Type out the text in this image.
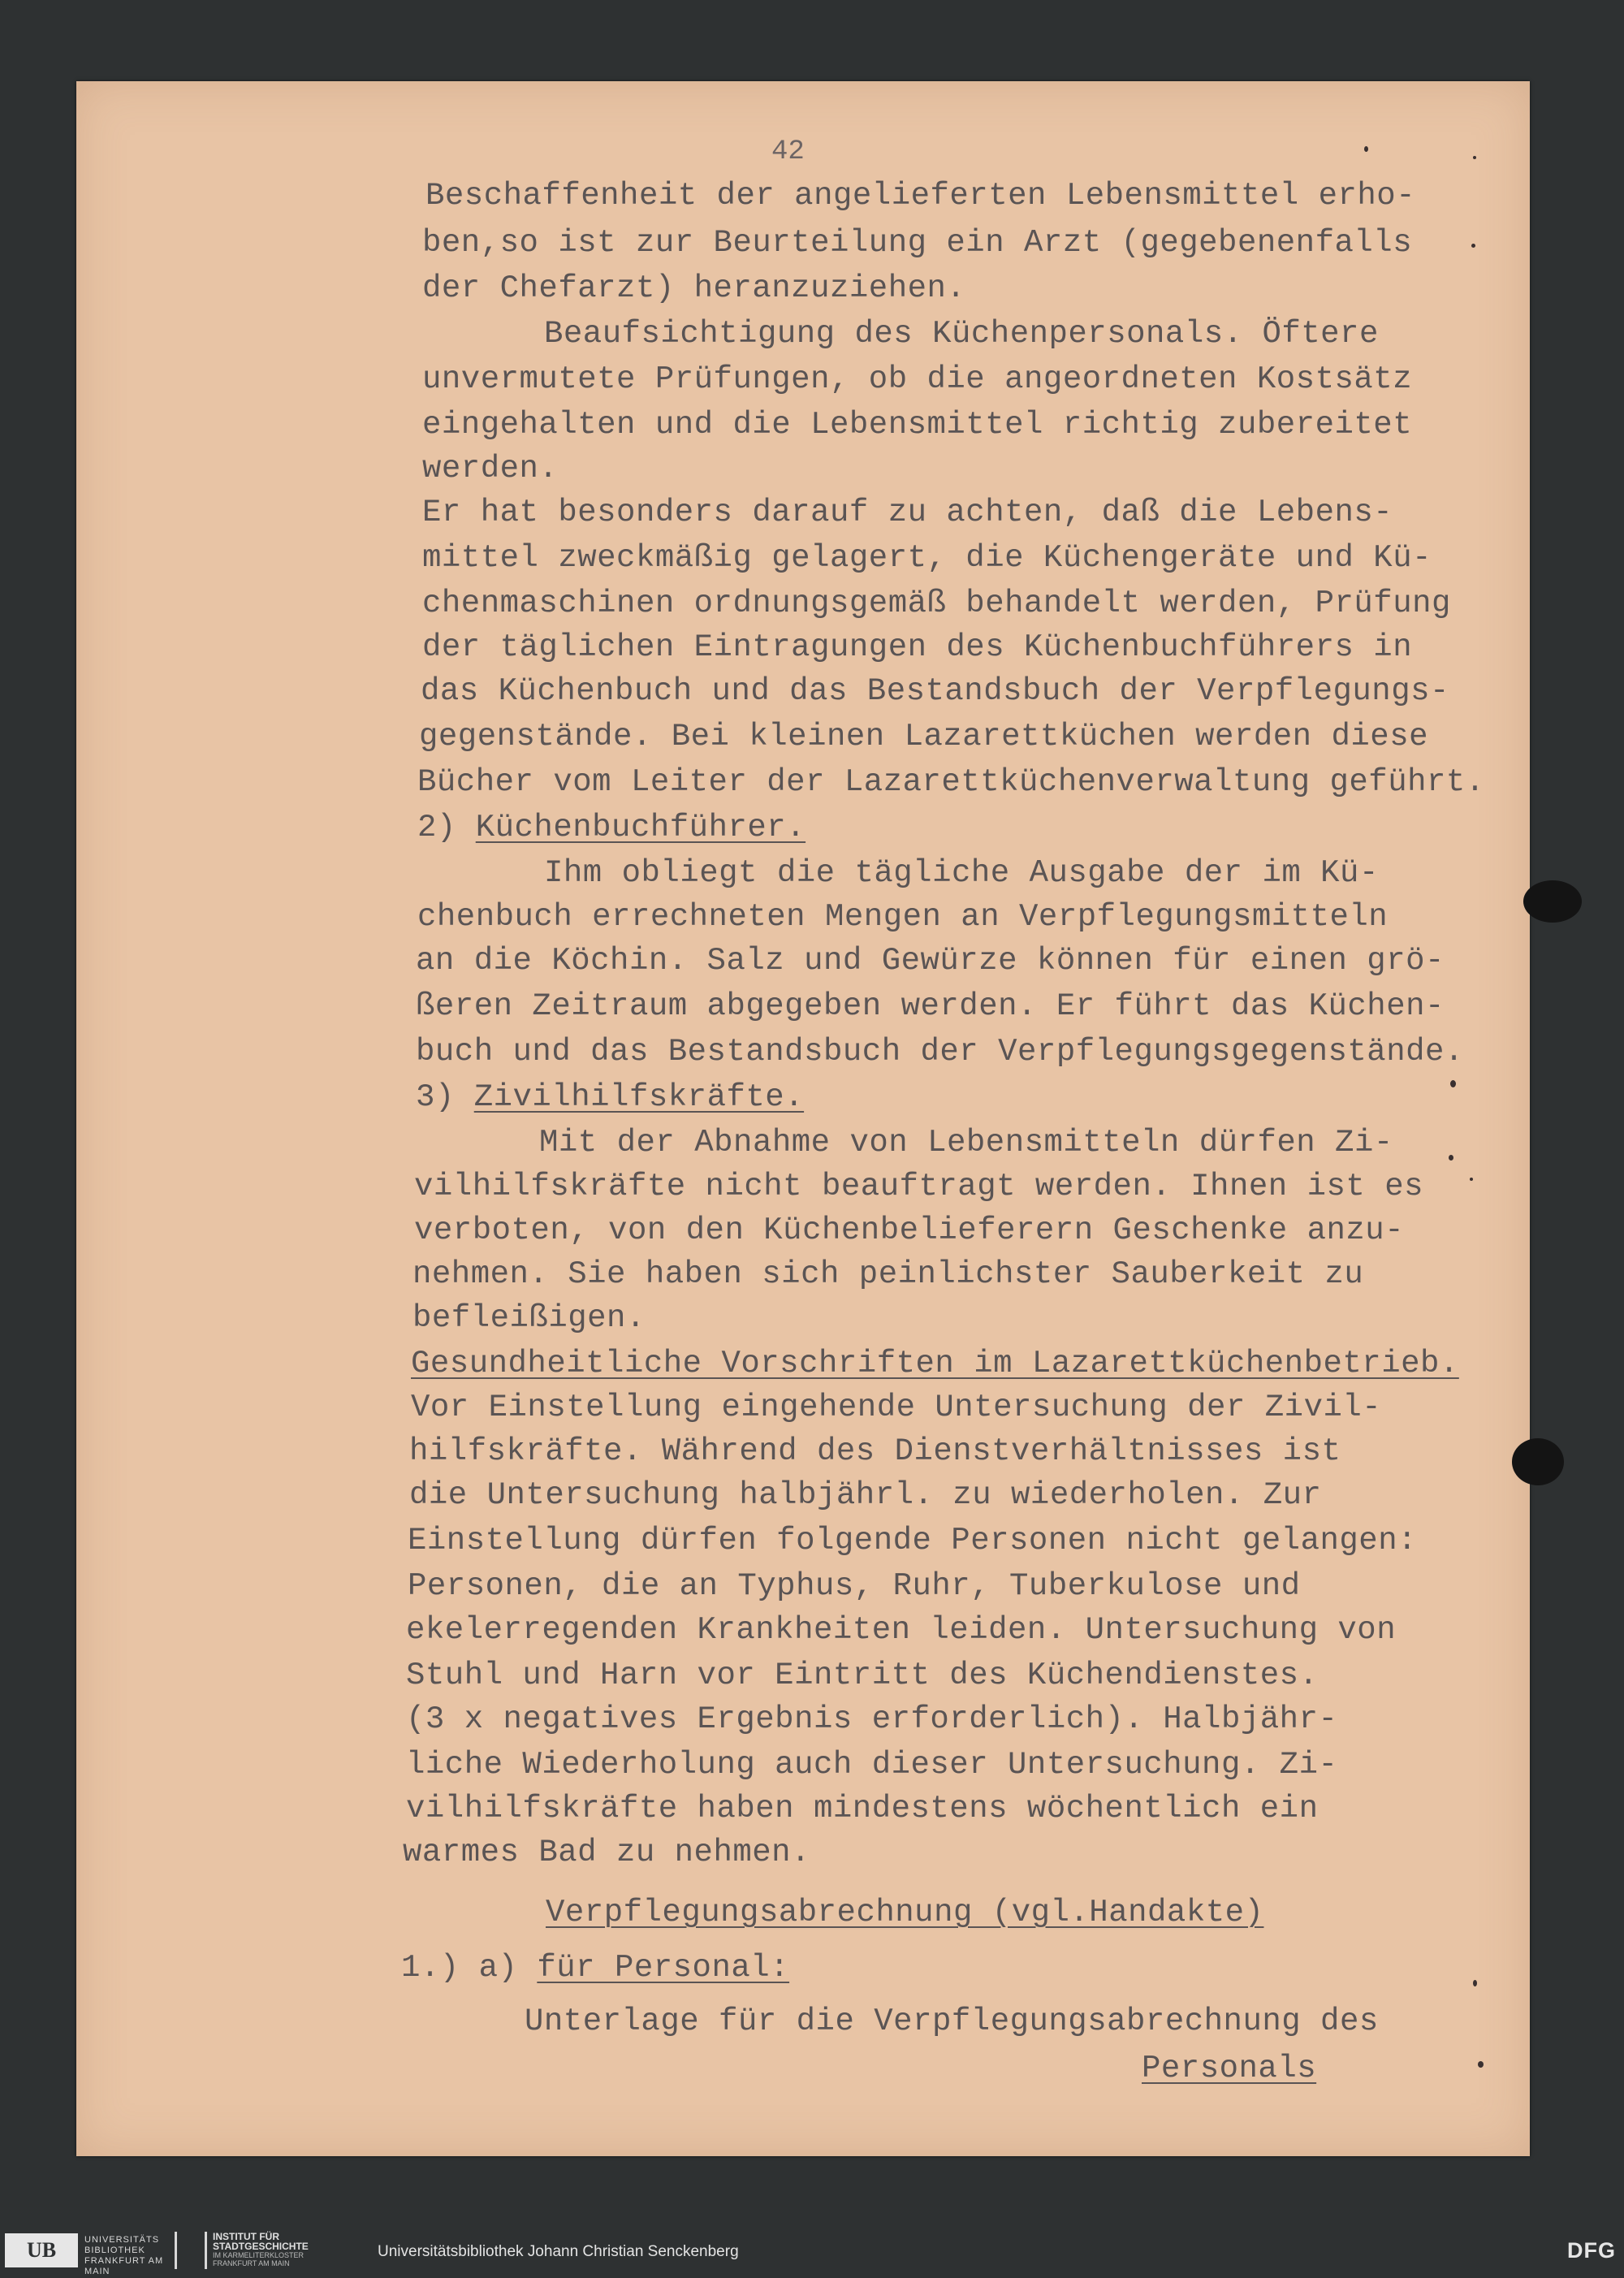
42
Beschaffenheit der angelieferten Lebensmittel erho-
ben,so ist zur Beurteilung ein Arzt (gegebenenfalls
der Chefarzt) heranzuziehen.
Beaufsichtigung des Küchenpersonals. Öftere
unvermutete Prüfungen, ob die angeordneten Kostsätz
eingehalten und die Lebensmittel richtig zubereitet
werden.
Er hat besonders darauf zu achten, daß die Lebens-
mittel zweckmäßig gelagert, die Küchengeräte und Kü-
chenmaschinen ordnungsgemäß behandelt werden, Prüfung
der täglichen Eintragungen des Küchenbuchführers in
das Küchenbuch und das Bestandsbuch der Verpflegungs-
gegenstände. Bei kleinen Lazarettküchen werden diese
Bücher vom Leiter der Lazarettküchenverwaltung geführt.
2) Küchenbuchführer.
Ihm obliegt die tägliche Ausgabe der im Kü-
chenbuch errechneten Mengen an Verpflegungsmitteln
an die Köchin. Salz und Gewürze können für einen grö-
ßeren Zeitraum abgegeben werden. Er führt das Küchen-
buch und das Bestandsbuch der Verpflegungsgegenstände.
3) Zivilhilfskräfte.
Mit der Abnahme von Lebensmitteln dürfen Zi-
vilhilfskräfte nicht beauftragt werden. Ihnen ist es
verboten, von den Küchenbelieferern Geschenke anzu-
nehmen. Sie haben sich peinlichster Sauberkeit zu
befleißigen.
Gesundheitliche Vorschriften im Lazarettküchenbetrieb.
Vor Einstellung eingehende Untersuchung der Zivil-
hilfskräfte. Während des Dienstverhältnisses ist
die Untersuchung halbjährl. zu wiederholen. Zur
Einstellung dürfen folgende Personen nicht gelangen:
Personen, die an Typhus, Ruhr, Tuberkulose und
ekelerregenden Krankheiten leiden. Untersuchung von
Stuhl und Harn vor Eintritt des Küchendienstes.
(3 x negatives Ergebnis erforderlich). Halbjähr-
liche Wiederholung auch dieser Untersuchung. Zi-
vilhilfskräfte haben mindestens wöchentlich ein
warmes Bad zu nehmen.
Verpflegungsabrechnung (vgl.Handakte)
1.) a) für Personal:
Unterlage für die Verpflegungsabrechnung des
Personals
UB	UNIVERSITÄTS BIBLIOTHEK FRANKFURT AM MAIN
INSTITUT FÜR STADTGESCHICHTE
IM KARMELITERKLOSTER FRANKFURT AM MAIN
Universitätsbibliothek Johann Christian Senckenberg	DFG
